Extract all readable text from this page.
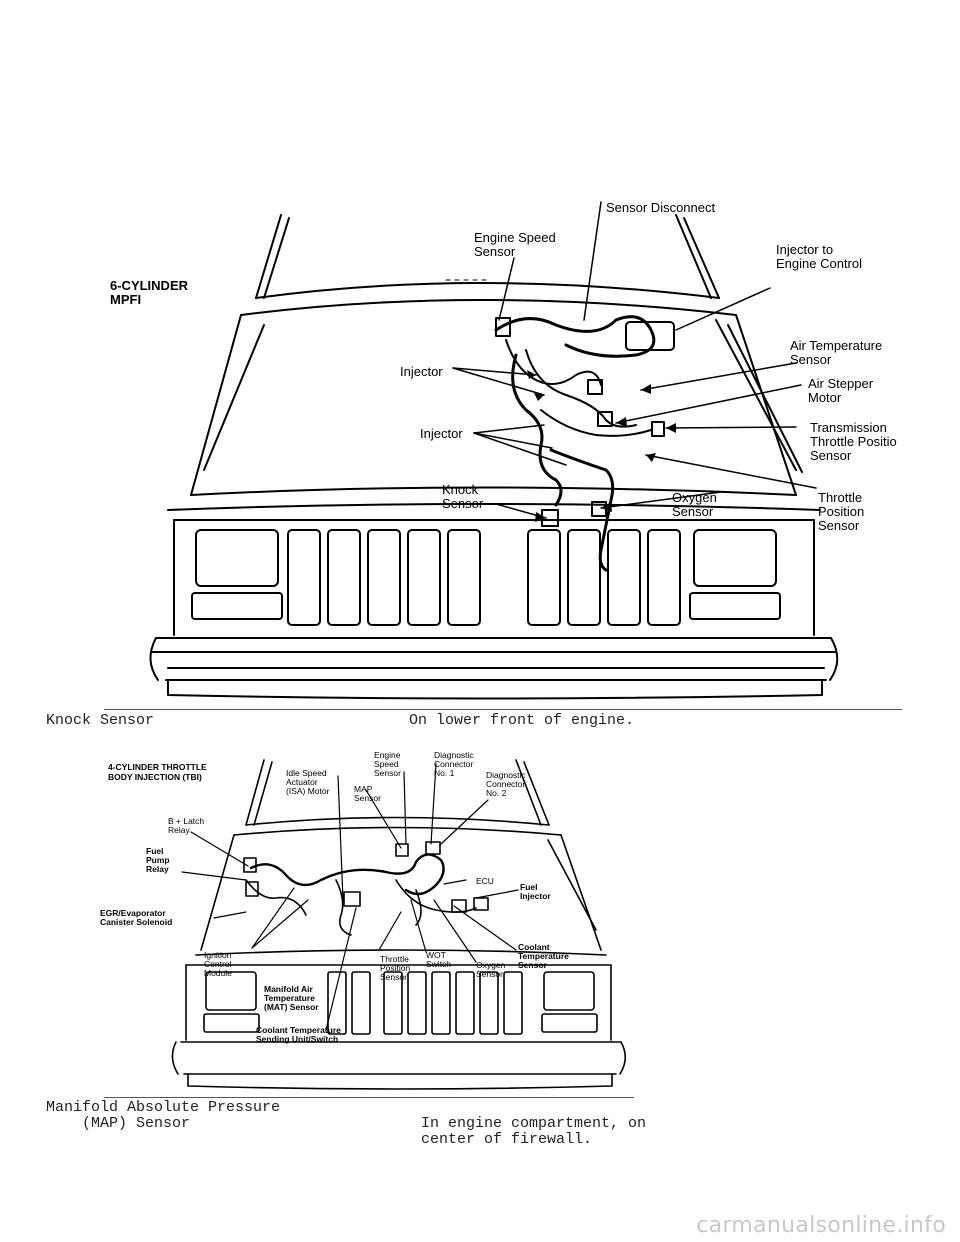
6-CYLINDER MPFI
Sensor Disconnect
Engine Speed Sensor	Injector to Engine Control
Air Temperature Sensor
Air Stepper Motor
Transmission Throttle Positio Sensor
Throttle Position Sensor
Oxygen Sensor
Knock Sensor
Injector
Injector
Knock Sensor	On lower front of engine.
4-CYLINDER THROTTLE BODY INJECTION (TBI)	Idle Speed Actuator (ISA) Motor
Engine Speed Sensor
Diagnostic Connector No. 1	Diagnostic Connector No. 2
MAP Sensor
B + Latch Relay
Fuel Pump Relay
EGR/Evaporator Canister Solenoid
ECU
Fuel Injector
Ignition Control Module
Manifold Air Temperature (MAT) Sensor
Coolant Temperature Sending Unit/Switch
Throttle Position Sensor
WOT Switch	Oxygen Sensor
Coolant Temperature Sensor
Manifold Absolute Pressure
(MAP) Sensor	In engine compartment, on
center of firewall.
carmanualsonline.info
